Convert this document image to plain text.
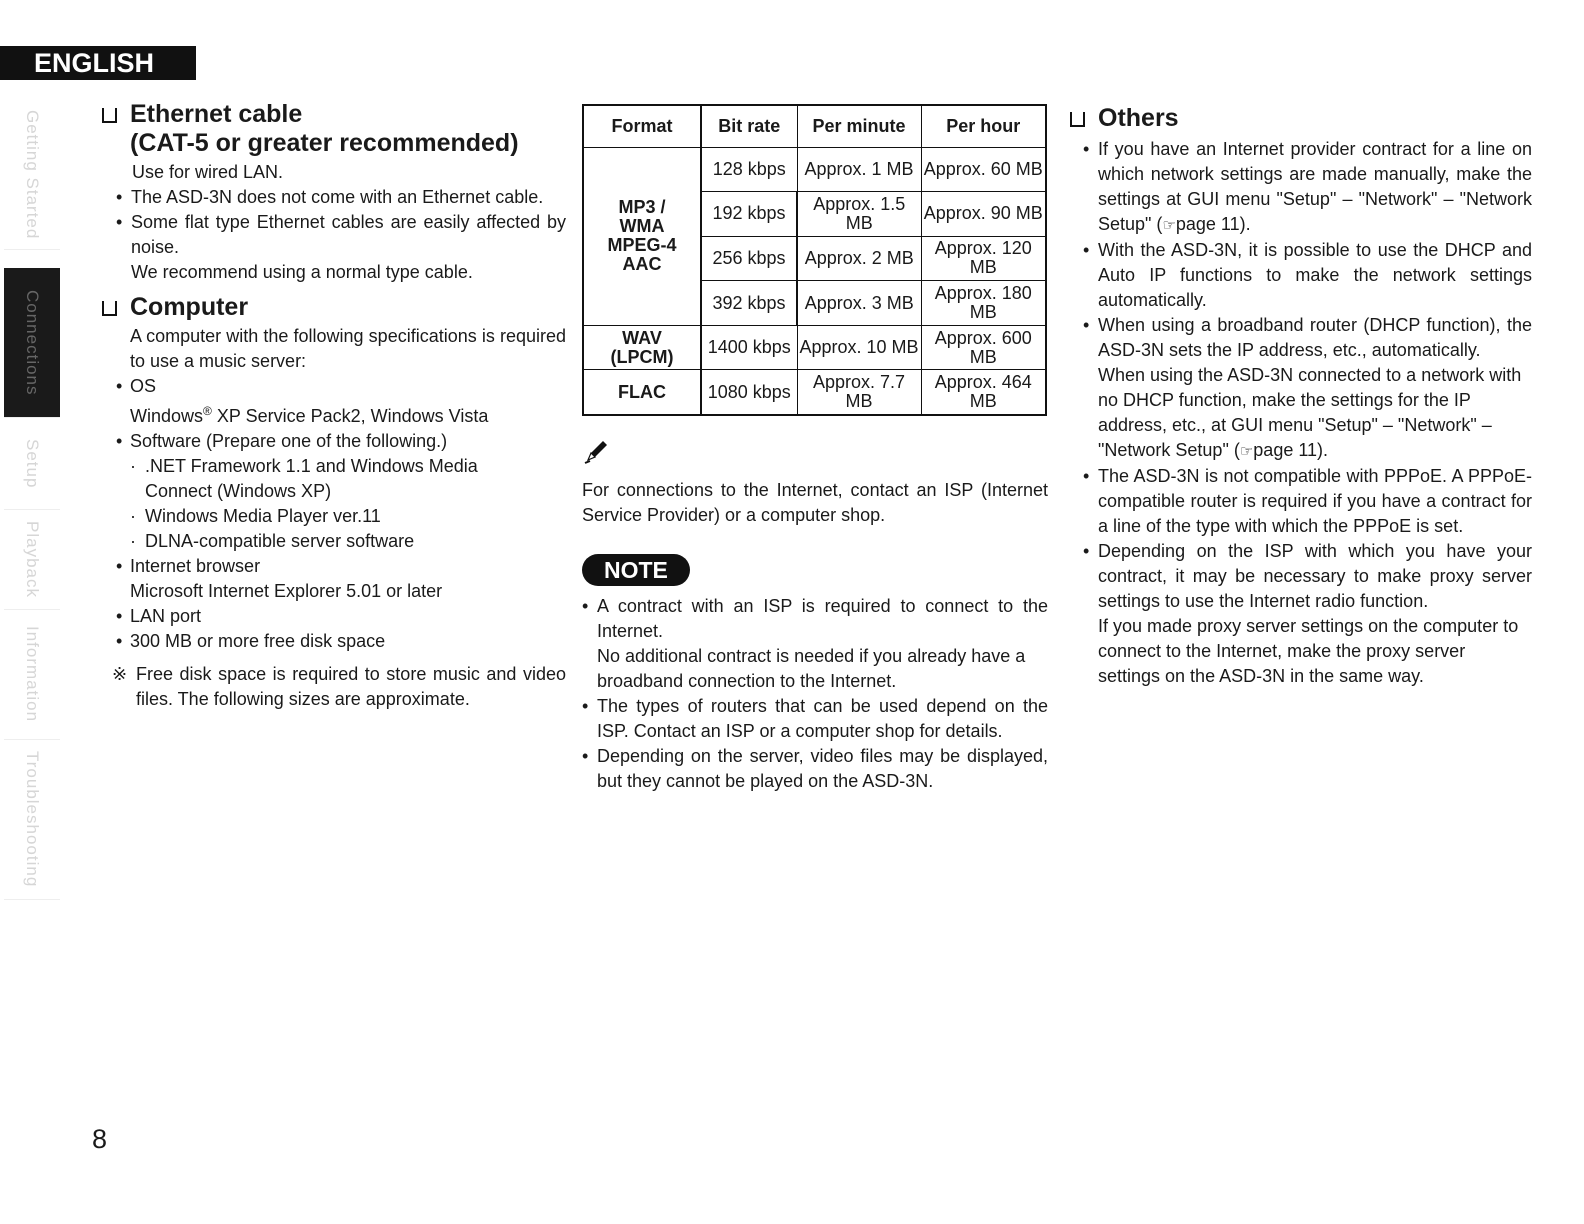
ENGLISH
Getting Started
Connections
Setup
Playback
Information
Troubleshooting
Ethernet cable
(CAT-5 or greater recommended)
Use for wired LAN.
• The ASD-3N does not come with an Ethernet cable.
• Some flat type Ethernet cables are easily affected by noise.
We recommend using a normal type cable.
Computer
A computer with the following specifications is required to use a music server:
• OS
Windows® XP Service Pack2, Windows Vista
• Software (Prepare one of the following.)
· .NET Framework 1.1 and Windows Media
Connect (Windows XP)
· Windows Media Player ver.11
· DLNA-compatible server software
• Internet browser
Microsoft Internet Explorer 5.01 or later
• LAN port
• 300 MB or more free disk space
※ Free disk space is required to store music and video files. The following sizes are approximate.
Format	Bit rate	Per minute	Per hour
MP3 / WMA MPEG-4 AAC	128 kbps	Approx. 1 MB	Approx. 60 MB
	192 kbps	Approx. 1.5 MB	Approx. 90 MB
	256 kbps	Approx. 2 MB	Approx. 120 MB
	392 kbps	Approx. 3 MB	Approx. 180 MB
WAV (LPCM)	1400 kbps	Approx. 10 MB	Approx. 600 MB
FLAC	1080 kbps	Approx. 7.7 MB	Approx. 464 MB
For connections to the Internet, contact an ISP (Internet Service Provider) or a computer shop.
NOTE
• A contract with an ISP is required to connect to the Internet.
No additional contract is needed if you already have a broadband connection to the Internet.
• The types of routers that can be used depend on the ISP. Contact an ISP or a computer shop for details.
• Depending on the server, video files may be displayed, but they cannot be played on the ASD-3N.
Others
• If you have an Internet provider contract for a line on which network settings are made manually, make the settings at GUI menu "Setup" – "Network" – "Network Setup" (☞page 11).
• With the ASD-3N, it is possible to use the DHCP and Auto IP functions to make the network settings automatically.
• When using a broadband router (DHCP function), the ASD-3N sets the IP address, etc., automatically.
When using the ASD-3N connected to a network with no DHCP function, make the settings for the IP address, etc., at GUI menu "Setup" – "Network" – "Network Setup" (☞page 11).
• The ASD-3N is not compatible with PPPoE. A PPPoE-compatible router is required if you have a contract for a line of the type with which the PPPoE is set.
• Depending on the ISP with which you have your contract, it may be necessary to make proxy server settings to use the Internet radio function.
If you made proxy server settings on the computer to connect to the Internet, make the proxy server settings on the ASD-3N in the same way.
8
